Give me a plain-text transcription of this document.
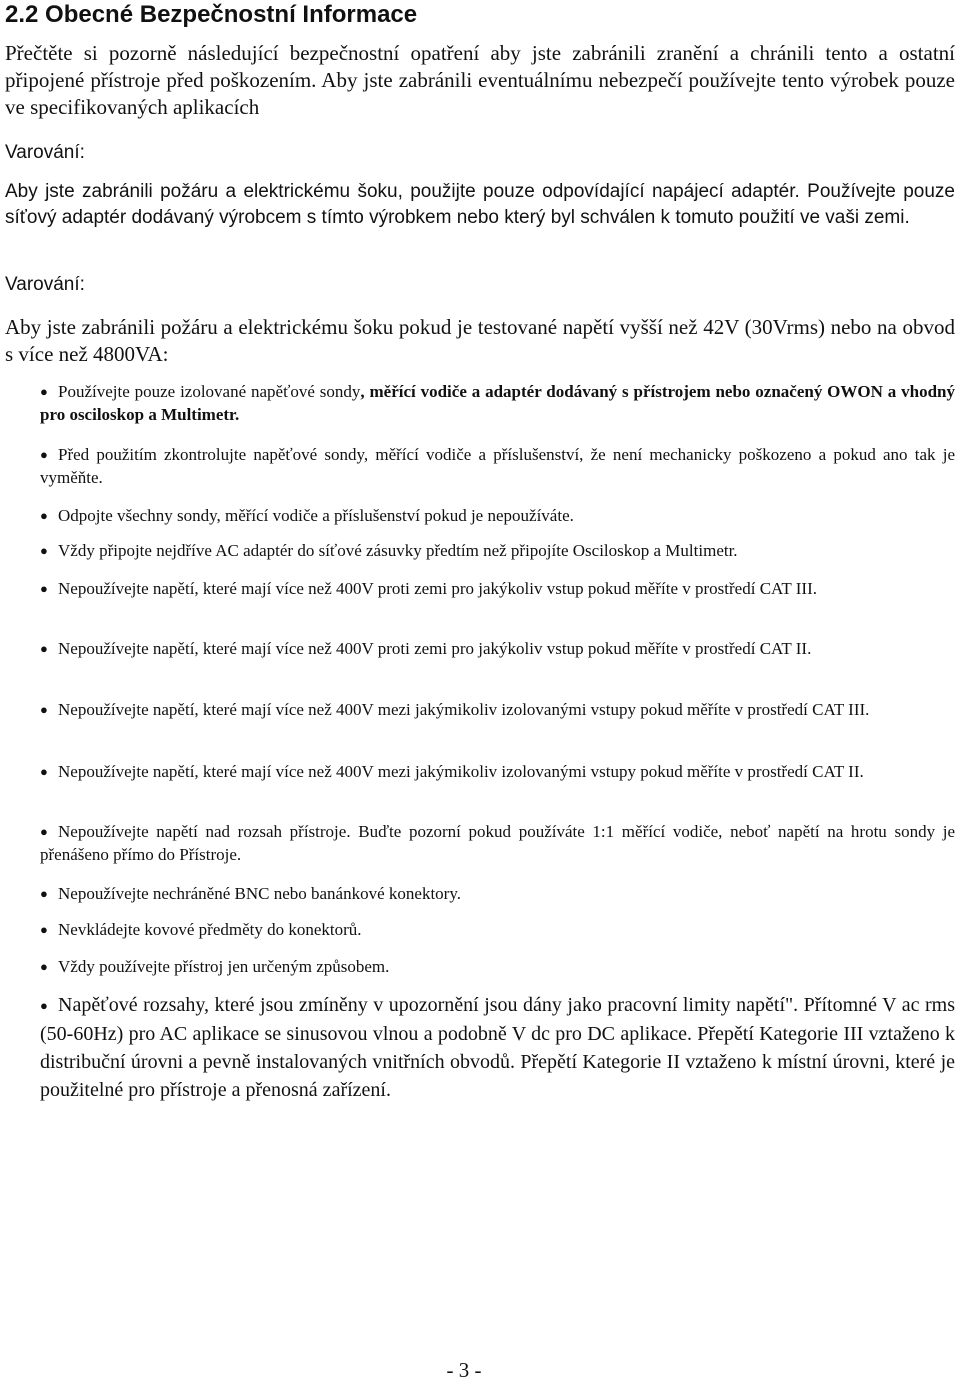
2.2 Obecné Bezpečnostní Informace
Přečtěte si pozorně následující bezpečnostní opatření aby jste zabránili zranění a chránili tento a ostatní připojené přístroje před poškozením. Aby jste zabránili eventuálnímu nebezpečí používejte tento výrobek pouze ve specifikovaných aplikacích
Varování:
Aby jste zabránili požáru a elektrickému šoku, použijte pouze odpovídající napájecí adaptér. Používejte pouze síťový adaptér dodávaný výrobcem s tímto výrobkem nebo který byl schválen k tomuto použití ve vaši zemi.
Varování:
Aby jste zabránili požáru a elektrickému šoku pokud je testované napětí vyšší než 42V (30Vrms) nebo na obvod s více než 4800VA:
● Používejte pouze izolované napěťové sondy, měřící vodiče a adaptér dodávaný s přístrojem nebo označený OWON a vhodný pro osciloskop a Multimetr.
● Před použitím zkontrolujte napěťové sondy, měřící vodiče a příslušenství, že není mechanicky poškozeno a pokud ano tak je vyměňte.
● Odpojte všechny sondy, měřící vodiče a příslušenství pokud je nepoužíváte.
● Vždy připojte nejdříve AC adaptér do síťové zásuvky předtím než připojíte Osciloskop a Multimetr.
● Nepoužívejte napětí, které mají více než 400V proti zemi pro jakýkoliv vstup pokud měříte v prostředí CAT III.
● Nepoužívejte napětí, které mají více než 400V proti zemi pro jakýkoliv vstup pokud měříte v prostředí CAT II.
● Nepoužívejte napětí, které mají více než 400V mezi jakýmikoliv izolovanými vstupy pokud měříte v prostředí CAT III.
● Nepoužívejte napětí, které mají více než 400V mezi jakýmikoliv izolovanými vstupy pokud měříte v prostředí CAT II.
● Nepoužívejte napětí nad rozsah přístroje. Buďte pozorní pokud používáte 1:1 měřící vodiče, neboť napětí na hrotu sondy je přenášeno přímo do Přístroje.
● Nepoužívejte nechráněné BNC nebo banánkové konektory.
● Nevkládejte kovové předměty do konektorů.
● Vždy používejte přístroj jen určeným způsobem.
● Napěťové rozsahy, které jsou zmíněny v upozornění jsou dány jako pracovní limity napětí". Přítomné V ac rms (50-60Hz) pro AC aplikace se sinusovou vlnou a podobně V dc pro DC aplikace. Přepětí Kategorie III vztaženo k distribuční úrovni a pevně instalovaných vnitřních obvodů. Přepětí Kategorie II vztaženo k místní úrovni, které je použitelné pro přístroje a přenosná zařízení.
- 3 -
